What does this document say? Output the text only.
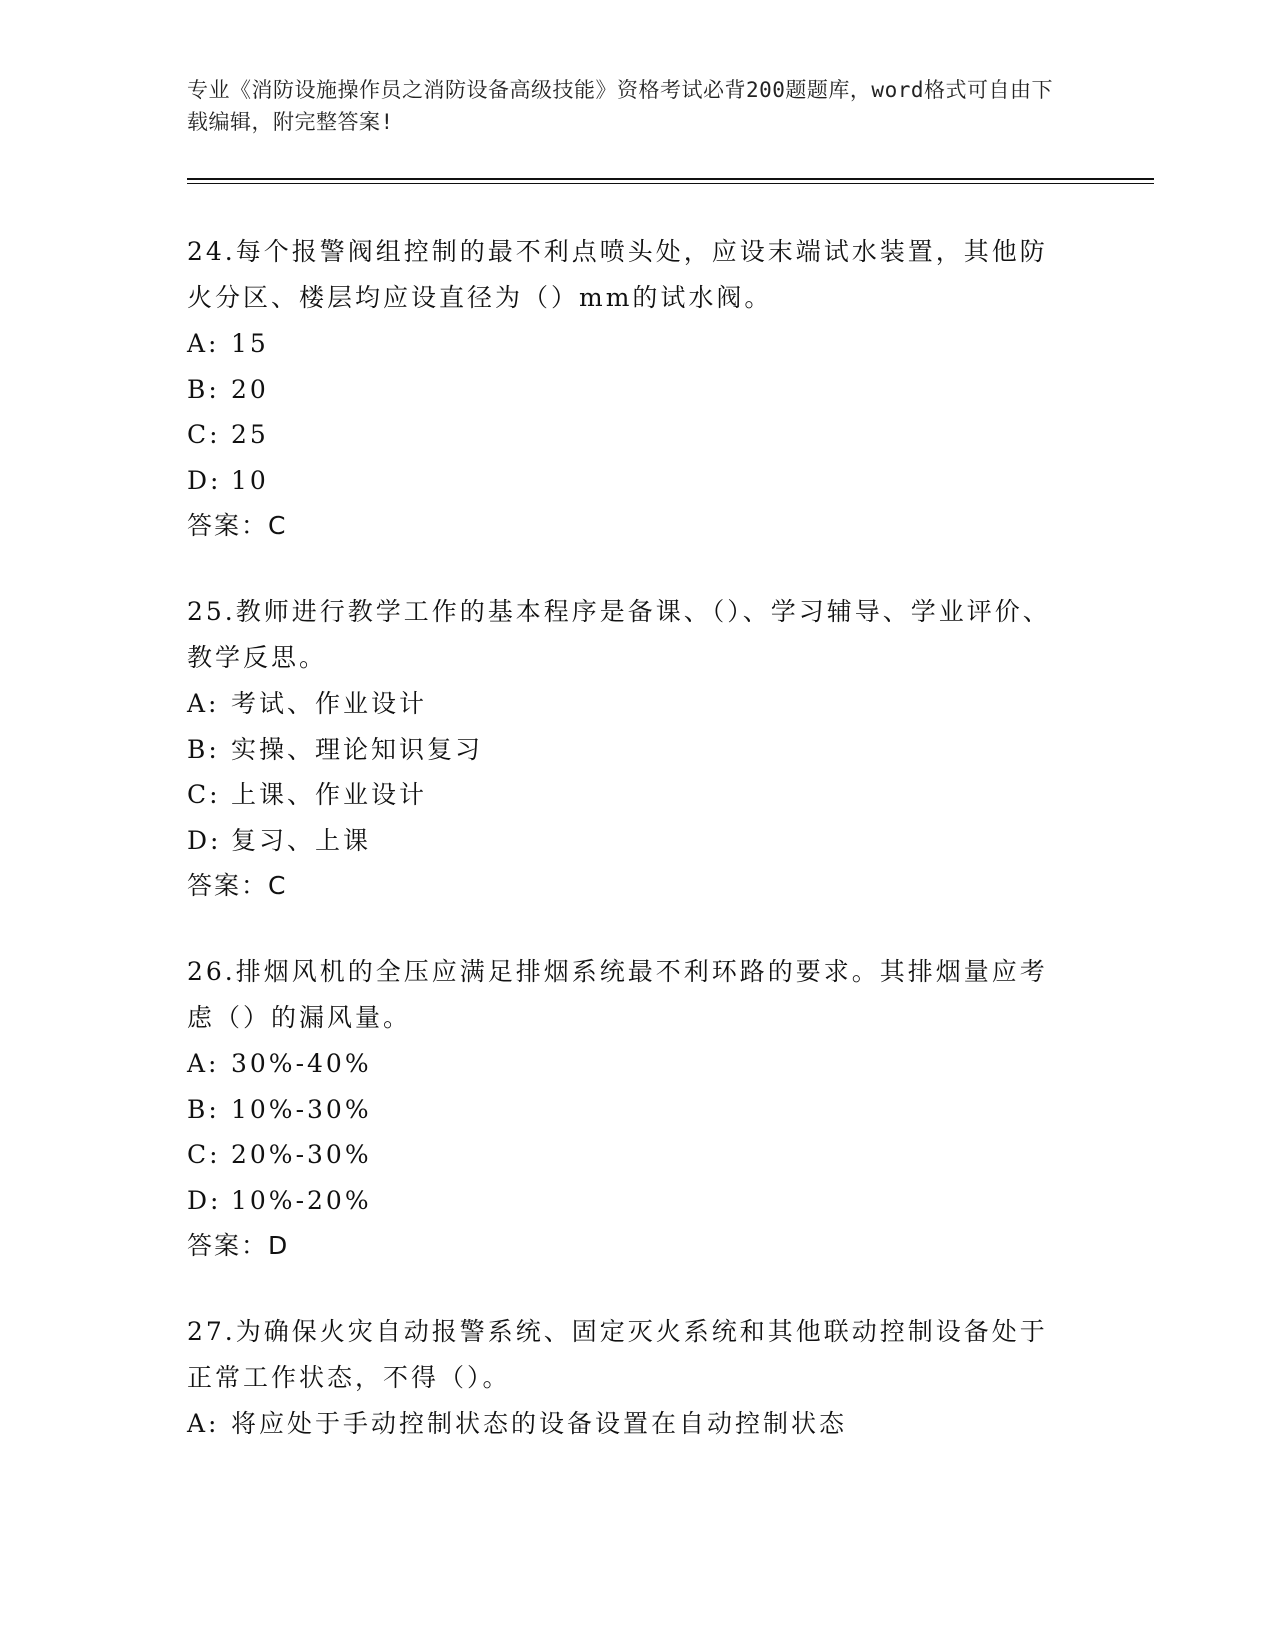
专业《消防设施操作员之消防设备高级技能》资格考试必背200题题库，word格式可自由下载编辑，附完整答案!

24.每个报警阀组控制的最不利点喷头处，应设末端试水装置，其他防火分区、楼层均应设直径为（）mm的试水阀。

A: 15

B: 20

C: 25

D: 10

答案：C

25.教师进行教学工作的基本程序是备课、（）、学习辅导、学业评价、教学反思。

A: 考试、作业设计

B: 实操、理论知识复习

C: 上课、作业设计

D: 复习、上课

答案：C

26.排烟风机的全压应满足排烟系统最不利环路的要求。其排烟量应考虑（）的漏风量。

A: 30%-40%

B: 10%-30%

C: 20%-30%

D: 10%-20%

答案：D

27.为确保火灾自动报警系统、固定灭火系统和其他联动控制设备处于正常工作状态，不得（）。

A: 将应处于手动控制状态的设备设置在自动控制状态
